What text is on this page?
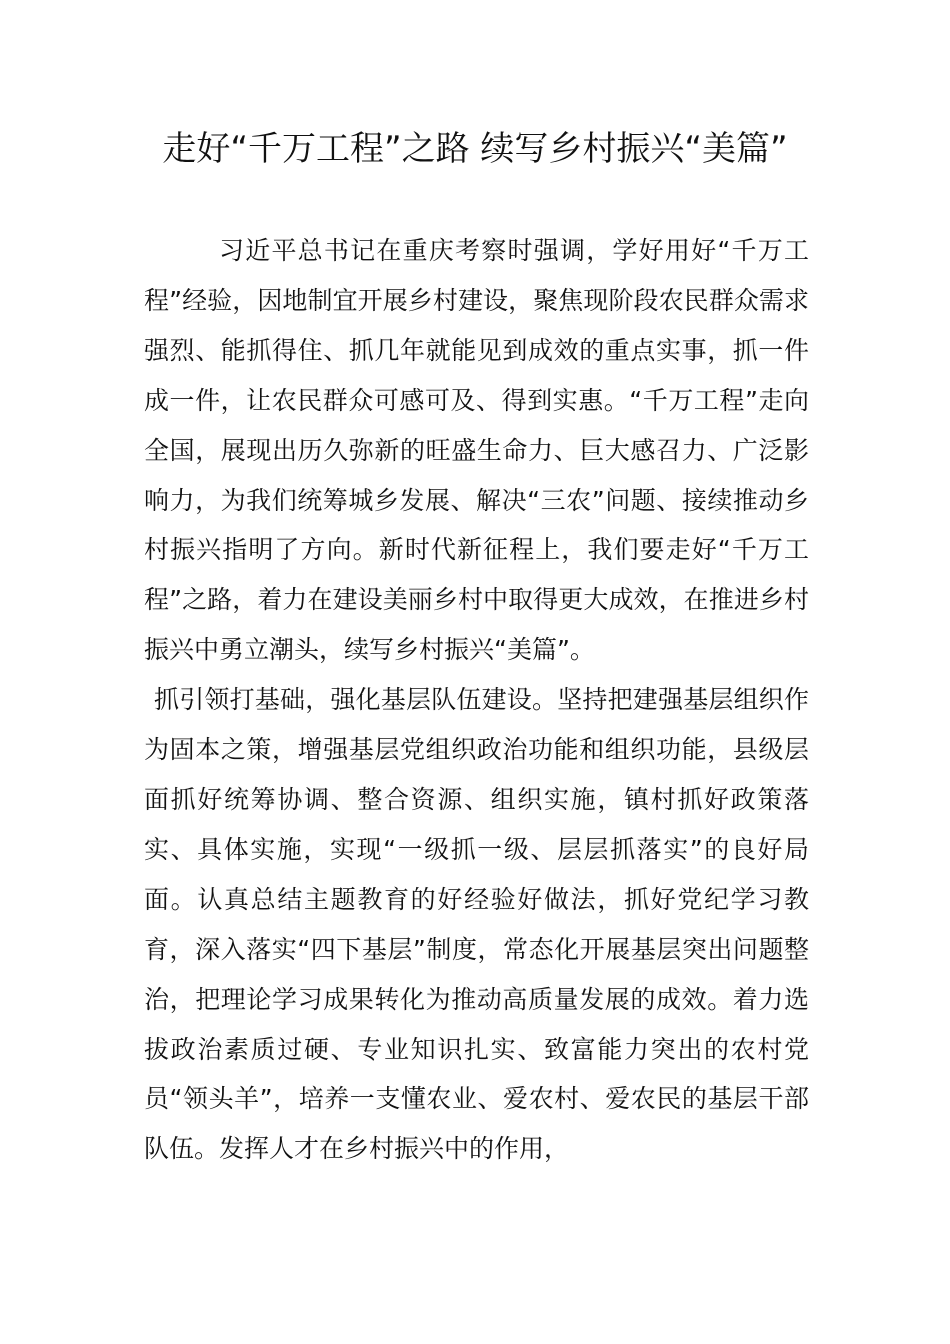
走好“千万工程”之路 续写乡村振兴“美篇”

习近平总书记在重庆考察时强调，学好用好“千万工程”经验，因地制宜开展乡村建设，聚焦现阶段农民群众需求强烈、能抓得住、抓几年就能见到成效的重点实事，抓一件成一件，让农民群众可感可及、得到实惠。“千万工程”走向全国，展现出历久弥新的旺盛生命力、巨大感召力、广泛影响力，为我们统筹城乡发展、解决“三农”问题、接续推动乡村振兴指明了方向。新时代新征程上，我们要走好“千万工程”之路，着力在建设美丽乡村中取得更大成效，在推进乡村振兴中勇立潮头，续写乡村振兴“美篇”。

抓引领打基础，强化基层队伍建设。坚持把建强基层组织作为固本之策，增强基层党组织政治功能和组织功能，县级层面抓好统筹协调、整合资源、组织实施，镇村抓好政策落实、具体实施，实现“一级抓一级、层层抓落实”的良好局面。认真总结主题教育的好经验好做法，抓好党纪学习教育，深入落实“四下基层”制度，常态化开展基层突出问题整治，把理论学习成果转化为推动高质量发展的成效。着力选拔政治素质过硬、专业知识扎实、致富能力突出的农村党员“领头羊”，培养一支懂农业、爱农村、爱农民的基层干部队伍。发挥人才在乡村振兴中的作用，
